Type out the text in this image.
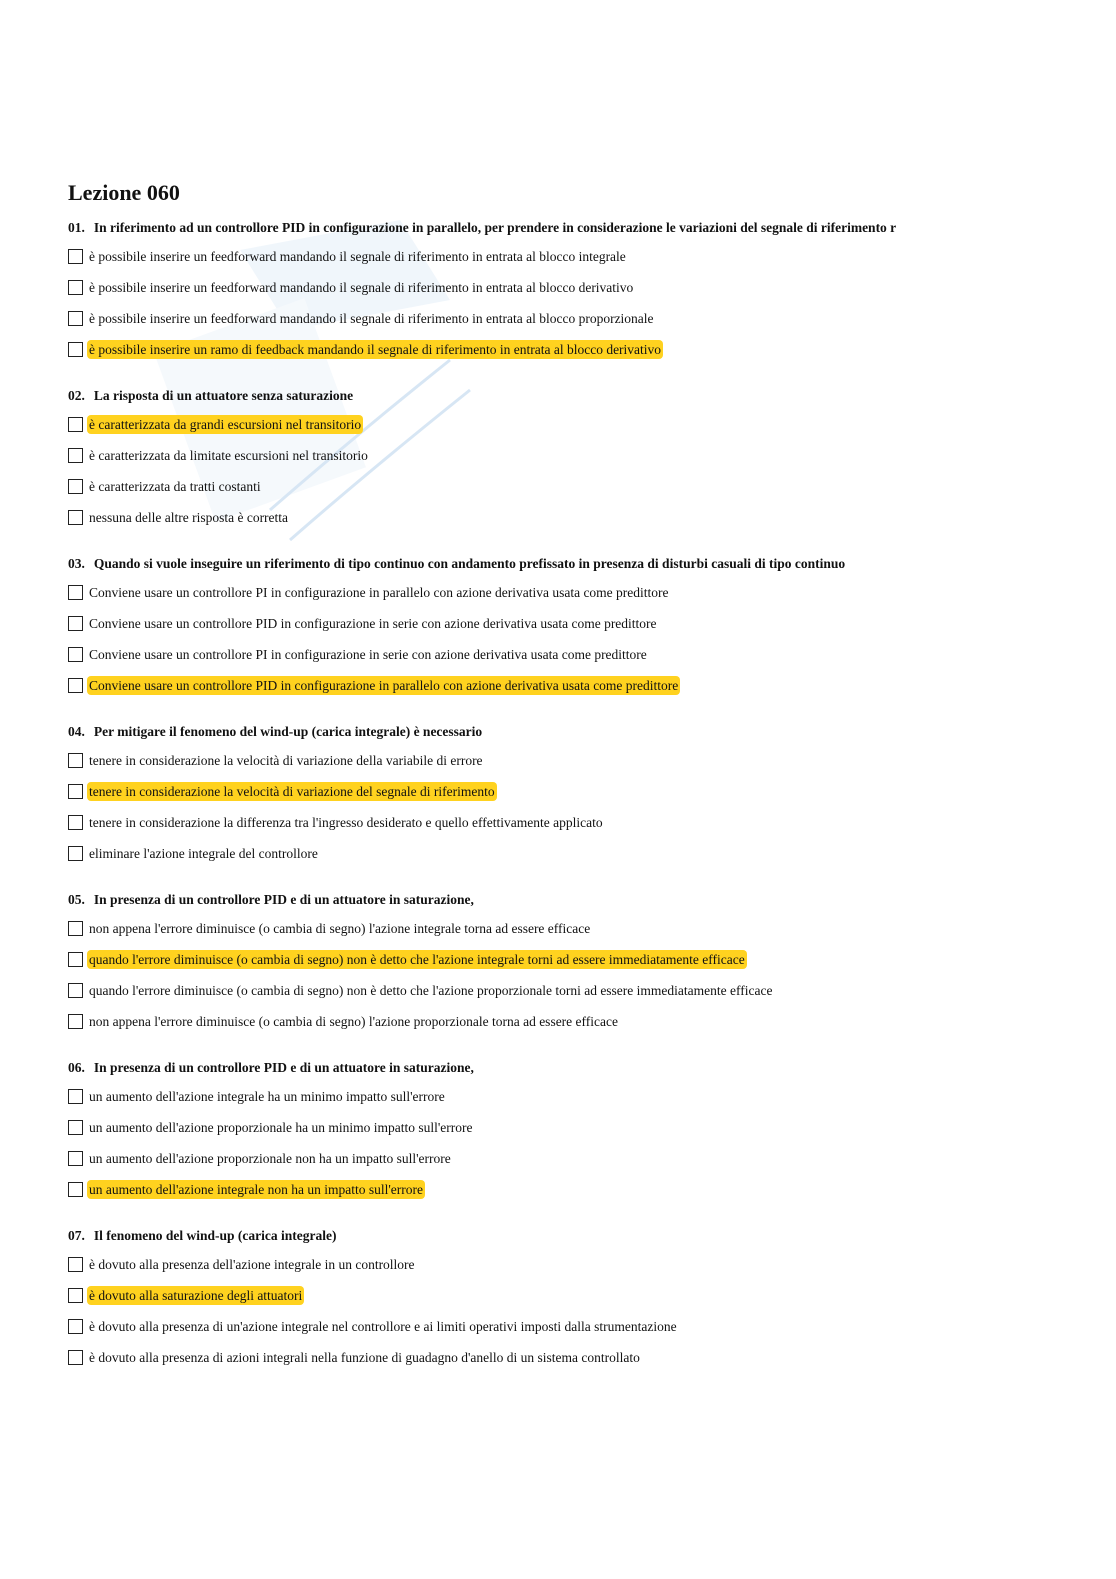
Lezione 060
01. In riferimento ad un controllore PID in configurazione in parallelo, per prendere in considerazione le variazioni del segnale di riferimento r
è possibile inserire un feedforward mandando il segnale di riferimento in entrata al blocco integrale
è possibile inserire un feedforward mandando il segnale di riferimento in entrata al blocco derivativo
è possibile inserire un feedforward mandando il segnale di riferimento in entrata al blocco proporzionale
è possibile inserire un ramo di feedback mandando il segnale di riferimento in entrata al blocco derivativo
02. La risposta di un attuatore senza saturazione
è caratterizzata da grandi escursioni nel transitorio
è caratterizzata da limitate escursioni nel transitorio
è caratterizzata da tratti costanti
nessuna delle altre risposta è corretta
03. Quando si vuole inseguire un riferimento di tipo continuo con andamento prefissato in presenza di disturbi casuali di tipo continuo
Conviene usare un controllore PI in configurazione in parallelo con azione derivativa usata come predittore
Conviene usare un controllore PID in configurazione in serie con azione derivativa usata come predittore
Conviene usare un controllore PI in configurazione in serie con azione derivativa usata come predittore
Conviene usare un controllore PID in configurazione in parallelo con azione derivativa usata come predittore
04. Per mitigare il fenomeno del wind-up (carica integrale) è necessario
tenere in considerazione la velocità di variazione della variabile di errore
tenere in considerazione la velocità di variazione del segnale di riferimento
tenere in considerazione la differenza tra l'ingresso desiderato e quello effettivamente applicato
eliminare l'azione integrale del controllore
05. In presenza di un controllore PID e di un attuatore in saturazione,
non appena l'errore diminuisce (o cambia di segno) l'azione integrale torna ad essere efficace
quando l'errore diminuisce (o cambia di segno) non è detto che l'azione integrale torni ad essere immediatamente efficace
quando l'errore diminuisce (o cambia di segno) non è detto che l'azione proporzionale torni ad essere immediatamente efficace
non appena l'errore diminuisce (o cambia di segno) l'azione proporzionale torna ad essere efficace
06. In presenza di un controllore PID e di un attuatore in saturazione,
un aumento dell'azione integrale ha un minimo impatto sull'errore
un aumento dell'azione proporzionale ha un minimo impatto sull'errore
un aumento dell'azione proporzionale non ha un impatto sull'errore
un aumento dell'azione integrale non ha un impatto sull'errore
07. Il fenomeno del wind-up (carica integrale)
è dovuto alla presenza dell'azione integrale in un controllore
è dovuto alla saturazione degli attuatori
è dovuto alla presenza di un'azione integrale nel controllore e ai limiti operativi imposti dalla strumentazione
è dovuto alla presenza di azioni integrali nella funzione di guadagno d'anello di un sistema controllato
